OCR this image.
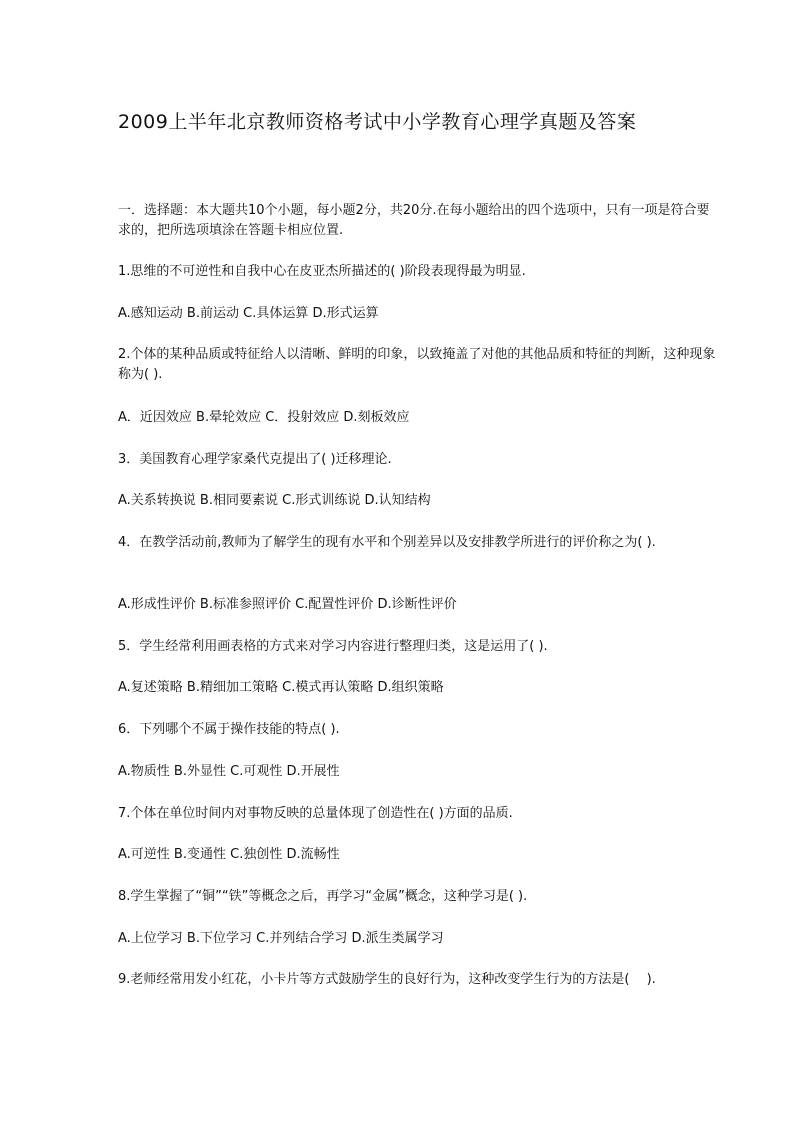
2009上半年北京教师资格考试中小学教育心理学真题及答案

一．选择题：本大题共10个小题，每小题2分，共20分.在每小题给出的四个选项中，只有一项是符合要求的，把所选项填涂在答题卡相应位置.

1.思维的不可逆性和自我中心在皮亚杰所描述的( )阶段表现得最为明显.

A.感知运动 B.前运动 C.具体运算 D.形式运算

2.个体的某种品质或特征给人以清晰、鲜明的印象，以致掩盖了对他的其他品质和特征的判断，这种现象称为( ).

A．近因效应 B.晕轮效应 C．投射效应 D.刻板效应

3．美国教育心理学家桑代克提出了( )迁移理论.

A.关系转换说 B.相同要素说 C.形式训练说 D.认知结构

4．在教学活动前,教师为了解学生的现有水平和个别差异以及安排教学所进行的评价称之为( ).

A.形成性评价 B.标准参照评价 C.配置性评价 D.诊断性评价

5．学生经常利用画表格的方式来对学习内容进行整理归类，这是运用了( ).

A.复述策略 B.精细加工策略 C.模式再认策略 D.组织策略

6．下列哪个不属于操作技能的特点( ).

A.物质性 B.外显性 C.可观性 D.开展性

7.个体在单位时间内对事物反映的总量体现了创造性在( )方面的品质.

A.可逆性 B.变通性 C.独创性 D.流畅性

8.学生掌握了“铜”“铁”等概念之后，再学习“金属”概念，这种学习是( ).

A.上位学习 B.下位学习 C.并列结合学习 D.派生类属学习

9.老师经常用发小红花，小卡片等方式鼓励学生的良好行为，这种改变学生行为的方法是(　 ).
